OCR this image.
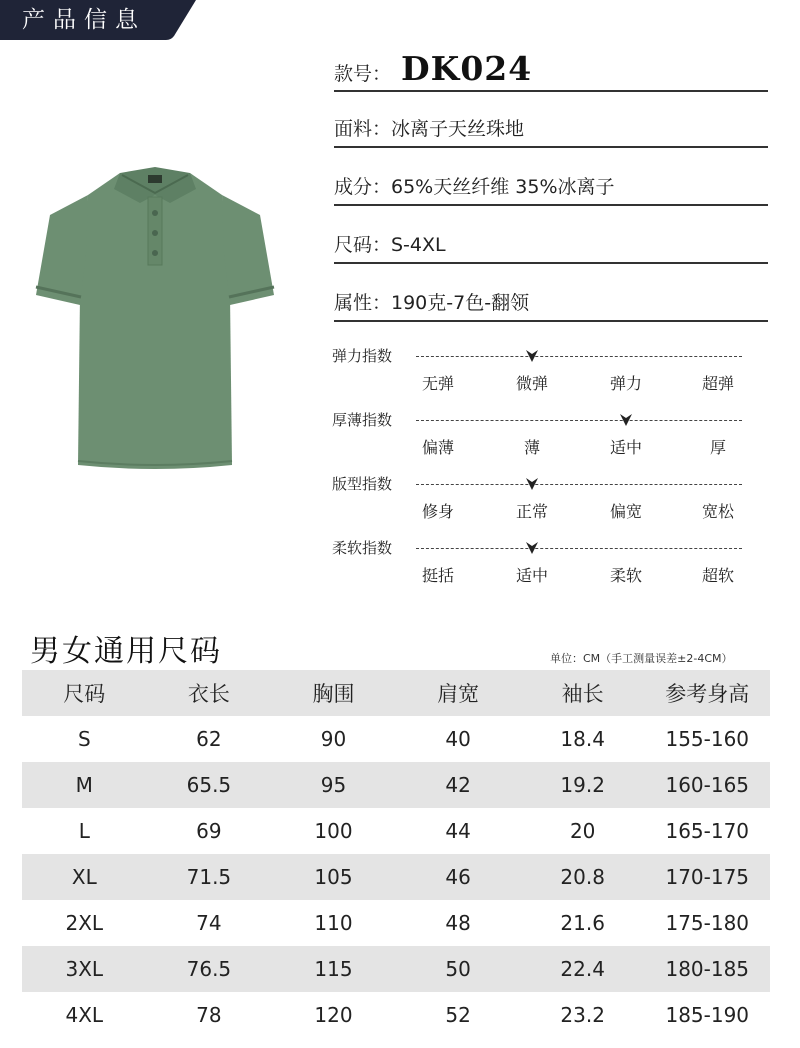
产品信息
款号： DK024
面料：冰离子天丝珠地
成分：65%天丝纤维 35%冰离子
尺码：S-4XL
属性：190克-7色-翻领
弹力指数
无弹	微弹	弹力	超弹
厚薄指数
偏薄	薄	适中	厚
版型指数
修身	正常	偏宽	宽松
柔软指数
挺括	适中	柔软	超软
男女通用尺码	单位：CM（手工测量误差±2-4CM）
尺码	衣长	胸围	肩宽	袖长	参考身高
S	62	90	40	18.4	155-160
M	65.5	95	42	19.2	160-165
L	69	100	44	20	165-170
XL	71.5	105	46	20.8	170-175
2XL	74	110	48	21.6	175-180
3XL	76.5	115	50	22.4	180-185
4XL	78	120	52	23.2	185-190
